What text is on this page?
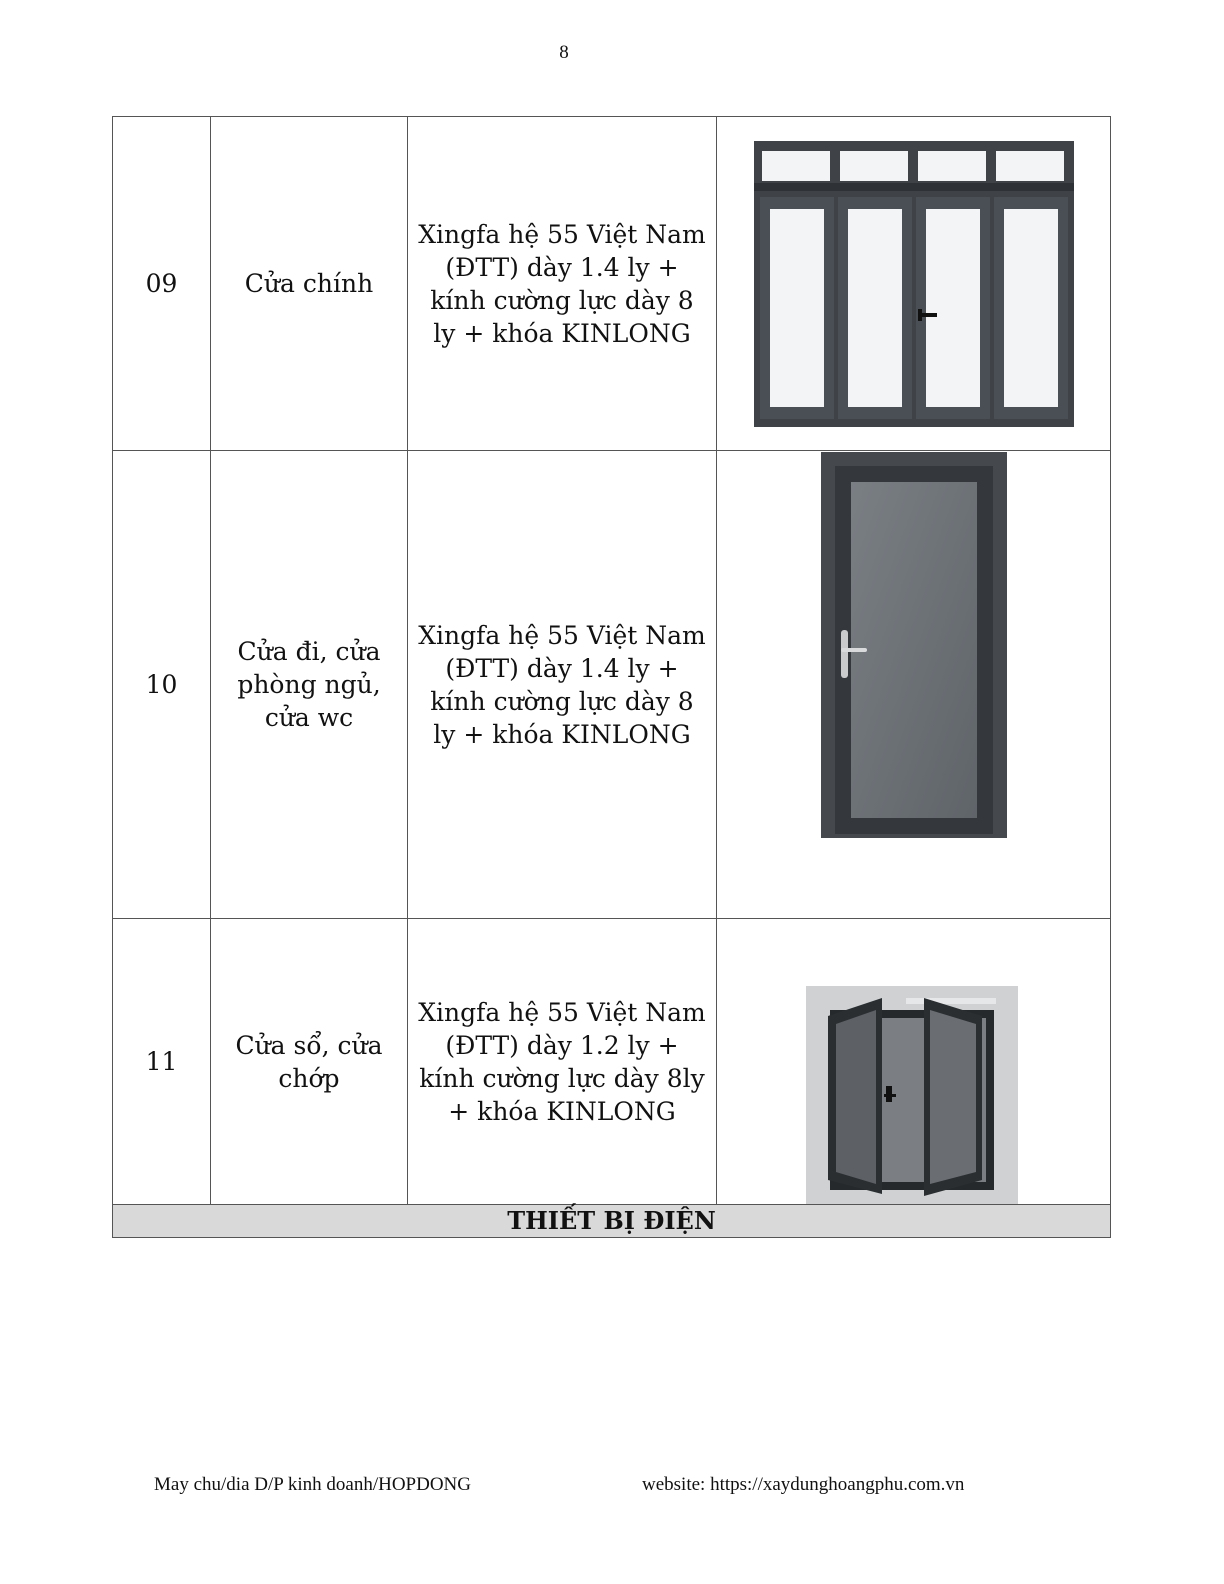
8
09	Cửa chính	Xingfa hệ 55 Việt Nam (ĐTT) dày 1.4 ly + kính cường lực dày 8 ly + khóa KINLONG	

10	Cửa đi, cửa phòng ngủ, cửa wc	Xingfa hệ 55 Việt Nam (ĐTT) dày 1.4 ly + kính cường lực dày 8 ly + khóa KINLONG	

11	Cửa sổ, cửa chớp	Xingfa hệ 55 Việt Nam (ĐTT) dày 1.2 ly + kính cường lực dày 8ly + khóa KINLONG	

THIẾT BỊ ĐIỆN			
May chu/dia D/P kinh doanh/HOPDONG	website: https://xaydunghoangphu.com.vn
